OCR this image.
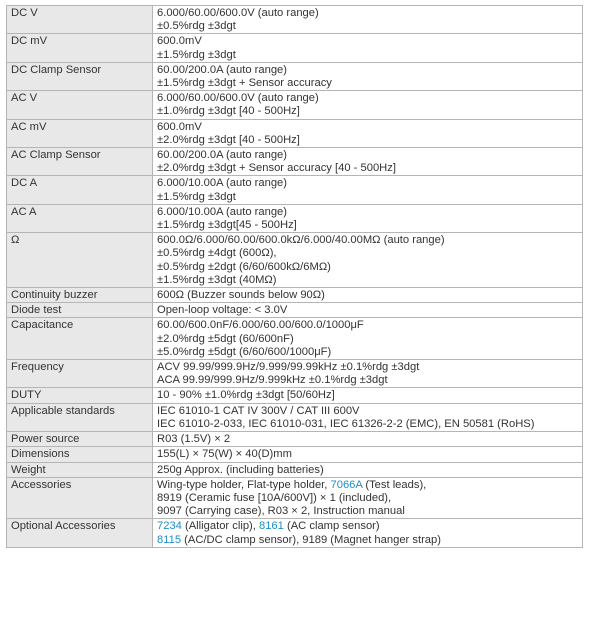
DC V	6.000/60.00/600.0V (auto range)
±0.5%rdg ±3dgt

DC mV	600.0mV
±1.5%rdg ±3dgt

DC Clamp Sensor	60.00/200.0A (auto range)
±1.5%rdg ±3dgt + Sensor accuracy

AC V	6.000/60.00/600.0V (auto range)
±1.0%rdg ±3dgt [40 - 500Hz]

AC mV	600.0mV
±2.0%rdg ±3dgt [40 - 500Hz]

AC Clamp Sensor	60.00/200.0A (auto range)
±2.0%rdg ±3dgt + Sensor accuracy [40 - 500Hz]

DC A	6.000/10.00A (auto range)
±1.5%rdg ±3dgt

AC A	6.000/10.00A (auto range)
±1.5%rdg ±3dgt[45 - 500Hz]

Ω	600.0Ω/6.000/60.00/600.0kΩ/6.000/40.00MΩ (auto range)
±0.5%rdg ±4dgt (600Ω),
±0.5%rdg ±2dgt (6/60/600kΩ/6MΩ)
±1.5%rdg ±3dgt (40MΩ)

Continuity buzzer	600Ω (Buzzer sounds below 90Ω)

Diode test	Open-loop voltage: < 3.0V

Capacitance	60.00/600.0nF/6.000/60.00/600.0/1000μF
±2.0%rdg ±5dgt (60/600nF)
±5.0%rdg ±5dgt (6/60/600/1000μF)

Frequency	ACV 99.99/999.9Hz/9.999/99.99kHz ±0.1%rdg ±3dgt
ACA 99.99/999.9Hz/9.999kHz ±0.1%rdg ±3dgt

DUTY	10 - 90% ±1.0%rdg ±3dgt [50/60Hz]

Applicable standards	IEC 61010-1 CAT IV 300V / CAT III 600V
IEC 61010-2-033, IEC 61010-031, IEC 61326-2-2 (EMC), EN 50581 (RoHS)

Power source	R03 (1.5V) × 2

Dimensions	155(L) × 75(W) × 40(D)mm

Weight	250g Approx. (including batteries)

Accessories	Wing-type holder, Flat-type holder, 7066A (Test leads),
8919 (Ceramic fuse [10A/600V]) × 1 (included),
9097 (Carrying case), R03 × 2, Instruction manual

Optional Accessories	7234 (Alligator clip), 8161 (AC clamp sensor)
8115 (AC/DC clamp sensor), 9189 (Magnet hanger strap)
